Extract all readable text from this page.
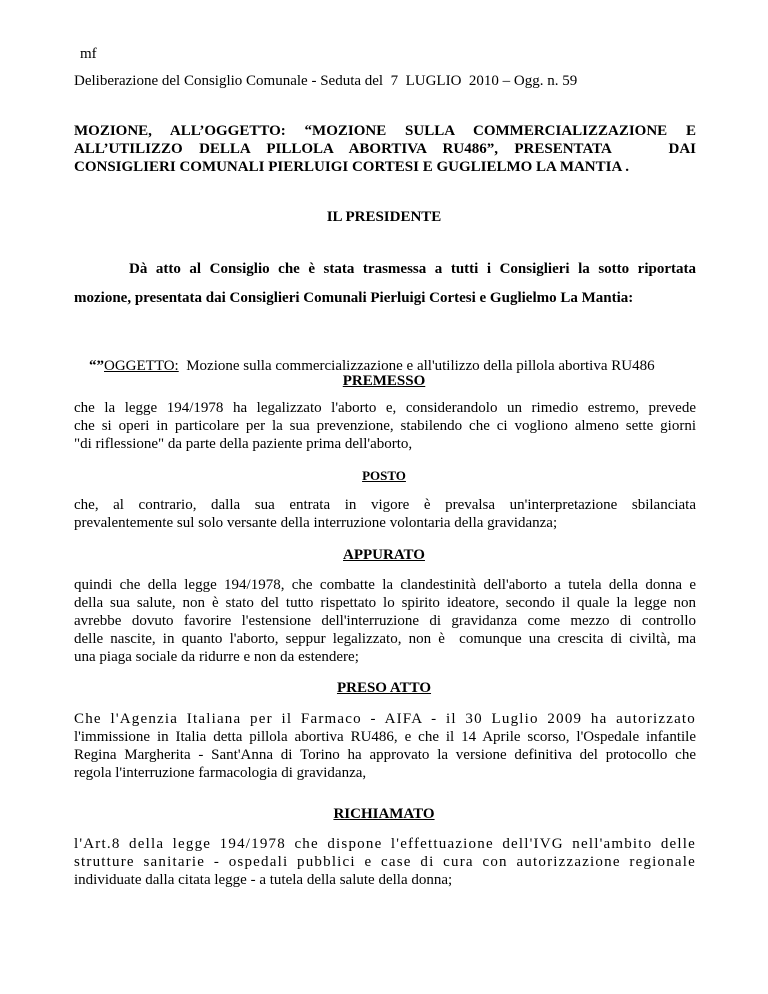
mf
Deliberazione del Consiglio Comunale - Seduta del  7  LUGLIO  2010 – Ogg. n. 59
MOZIONE,  ALL’OGGETTO:  “MOZIONE  SULLA  COMMERCIALIZZAZIONE  E
ALL’UTILIZZO  DELLA  PILLOLA  ABORTIVA  RU486”,  PRESENTATA       DAI
CONSIGLIERI COMUNALI PIERLUIGI CORTESI E GUGLIELMO LA MANTIA .
IL PRESIDENTE
Dà atto al Consiglio che è stata trasmessa a tutti i Consiglieri la sotto riportata
mozione, presentata dai Consiglieri Comunali Pierluigi Cortesi e Guglielmo La Mantia:

“”OGGETTO:  Mozione sulla commercializzazione e all'utilizzo della pillola abortiva RU486

PREMESSO
che la legge 194/1978 ha legalizzato l'aborto e, considerandolo un rimedio estremo, prevede
che si operi in particolare per la sua prevenzione, stabilendo che ci vogliono almeno sette giorni
"di riflessione" da parte della paziente prima dell'aborto,
POSTO
che,  al  contrario,  dalla  sua  entrata  in  vigore  è  prevalsa  un'interpretazione  sbilanciata
prevalentemente sul solo versante della interruzione volontaria della gravidanza;
APPURATO
quindi che della legge 194/1978, che combatte la clandestinità dell'aborto a tutela della donna e
della sua salute, non è stato del tutto rispettato lo spirito ideatore, secondo il quale la legge non
avrebbe dovuto favorire l'estensione dell'interruzione di gravidanza come mezzo di controllo
delle nascite, in quanto l'aborto, seppur legalizzato, non è  comunque una crescita di civiltà, ma
una piaga sociale da ridurre e non da estendere;
PRESO ATTO
Che l'Agenzia Italiana per il Farmaco - AIFA - il 30 Luglio 2009 ha autorizzato
l'immissione in Italia detta pillola abortiva RU486, e che il 14 Aprile scorso, l'Ospedale infantile
Regina Margherita - Sant'Anna di Torino ha approvato la versione definitiva del protocollo che
regola l'interruzione farmacologia di gravidanza,
RICHIAMATO
l'Art.8 della legge 194/1978 che dispone l'effettuazione dell'IVG nell'ambito delle
strutture sanitarie - ospedali pubblici e case di cura con autorizzazione regionale
individuate dalla citata legge - a tutela della salute della donna;
